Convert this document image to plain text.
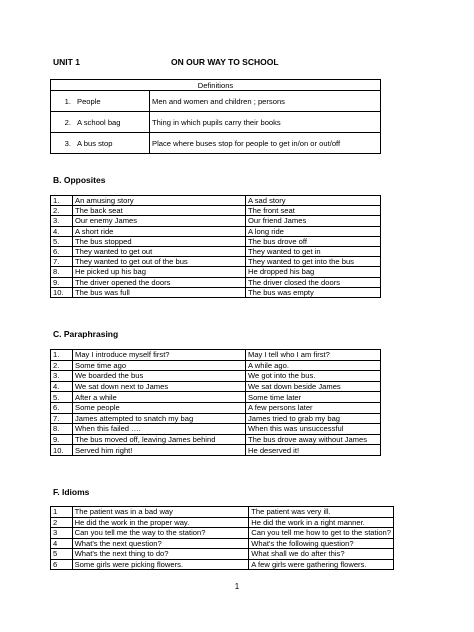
UNIT 1	ON OUR WAY TO SCHOOL
Definitions	
1. People	Men and women and children ; persons
2. A school bag	Thing in which pupils carry their books
3. A bus stop	Place where buses stop for people to get in/on or out/off
B. Opposites
1.	An amusing story	A sad story
2.	The back seat	The front seat
3.	Our enemy James	Our friend James
4.	A short ride	A long ride
5.	The bus stopped	The bus drove off
6.	They wanted to get out	They wanted to get in
7.	They wanted to get out of the bus	They wanted to get into the bus
8.	He picked up his bag	He dropped his bag
9.	The driver opened the doors	The driver closed the doors
10.	The bus was full	The bus was empty
C. Paraphrasing
1.	May I introduce myself first?	May I tell who I am first?
2.	Some time ago	A while ago.
3.	We boarded the bus	We got into the bus.
4.	We sat down next to James	We sat down beside James
5.	After a while	Some time later
6.	Some people	A few persons later
7.	James attempted to snatch my bag	James tried to grab my bag
8.	When this failed ….	When this was unsuccessful
9.	The bus moved off, leaving James behind	The bus drove away without James
10.	Served him right!	He deserved it!
F. Idioms
1	The patient was in a bad way	The patient was very ill.
2	He did the work in the proper way.	He did the work in a right manner.
3	Can you tell me the way to the station?	Can you tell me how to get to the station?
4	What's the next question?	What's the following question?
5	What's the next thing to do?	What shall we do after this?
6	Some girls were picking flowers.	A few girls were gathering flowers.
1
